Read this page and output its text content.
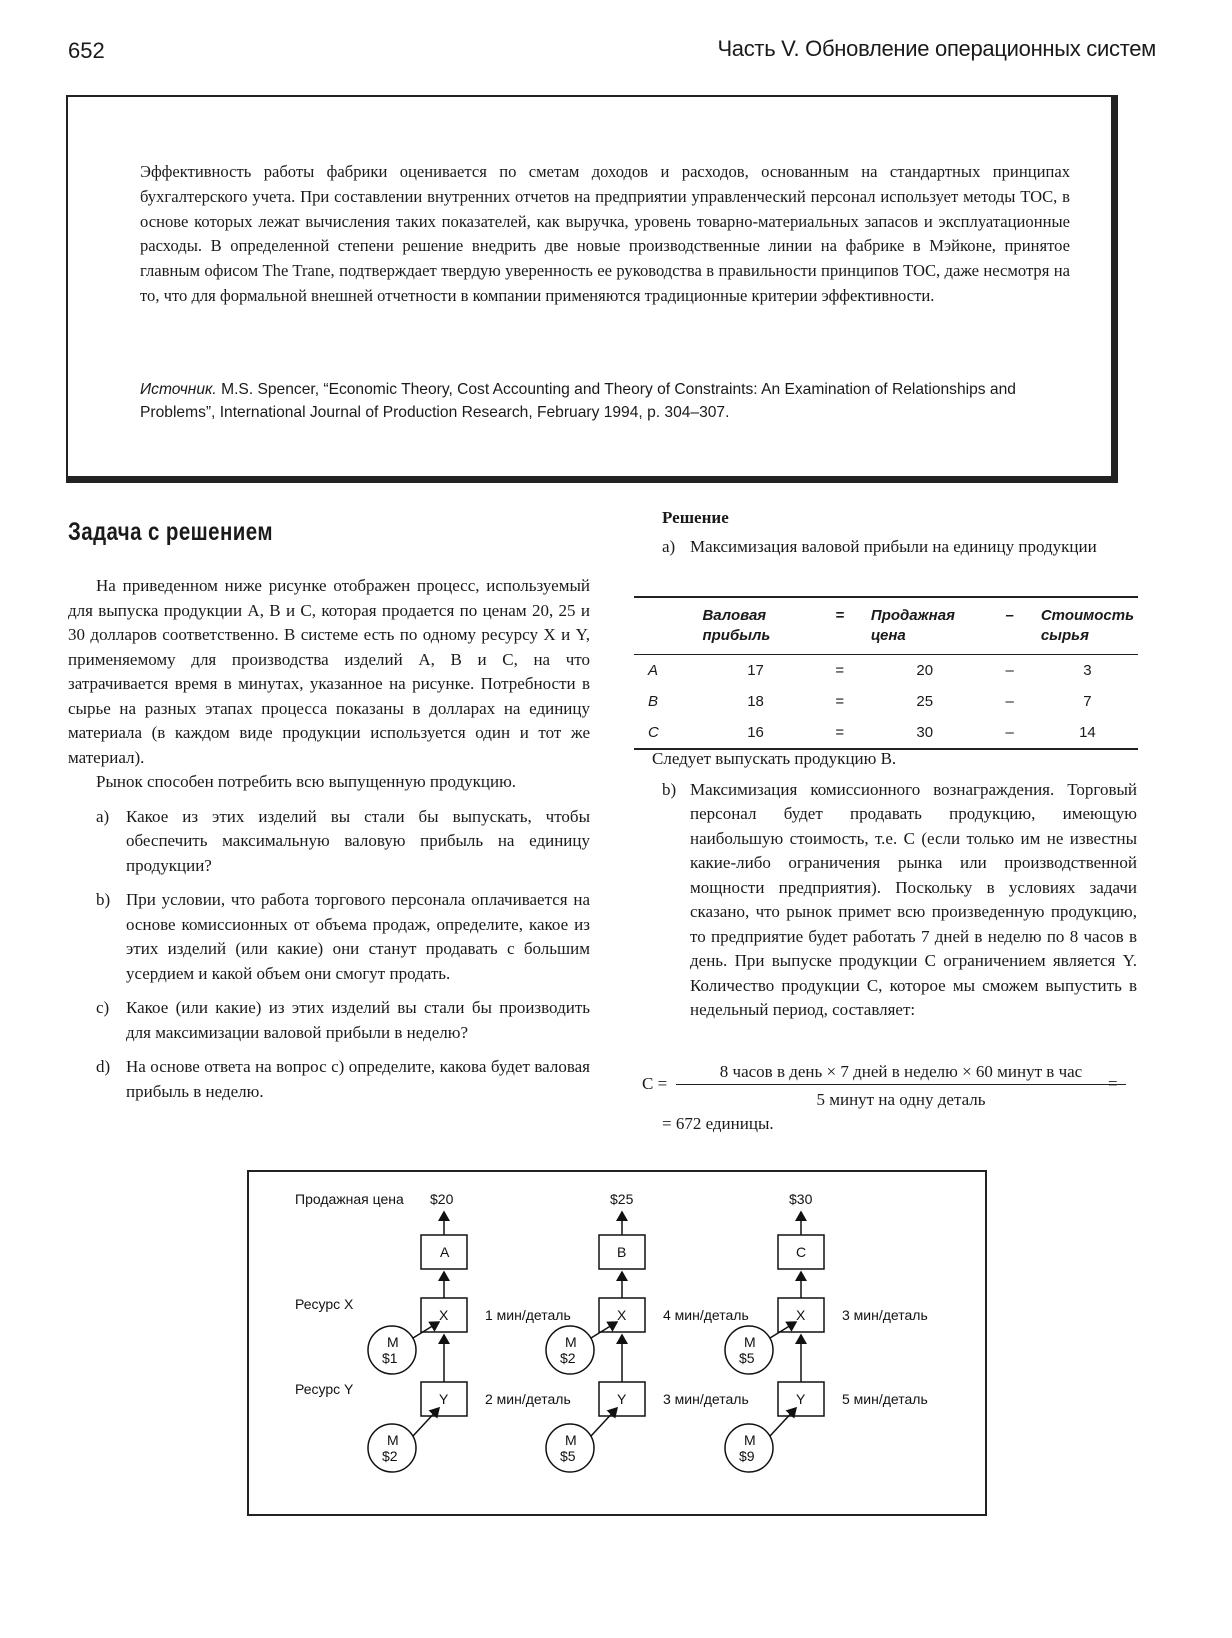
652	Часть V. Обновление операционных систем
Эффективность работы фабрики оценивается по сметам доходов и расходов, основанным на стандартных принципах бухгалтерского учета. При составлении внутренних отчетов на предприятии управленческий персонал использует методы TOC, в основе которых лежат вычисления таких показателей, как выручка, уровень товарно-материальных запасов и эксплуатационные расходы. В определенной степени решение внедрить две новые производственные линии на фабрике в Мэйконе, принятое главным офисом The Trane, подтверждает твердую уверенность ее руководства в правильности принципов TOC, даже несмотря на то, что для формальной внешней отчетности в компании применяются традиционные критерии эффективности.
Источник. M.S. Spencer, “Economic Theory, Cost Accounting and Theory of Constraints: An Examination of Relationships and Problems”, International Journal of Production Research, February 1994, p. 304–307.
Задача с решением

На приведенном ниже рисунке отображен процесс, используемый для выпуска продукции A, B и C, которая продается по ценам 20, 25 и 30 долларов соответственно. В системе есть по одному ресурсу X и Y, применяемому для производства изделий A, B и C, на что затрачивается время в минутах, указанное на рисунке. Потребности в сырье на разных этапах процесса показаны в долларах на единицу материала (в каждом виде продукции используется один и тот же материал).

Рынок способен потребить всю выпущенную продукцию.

a) Какое из этих изделий вы стали бы выпускать, чтобы обеспечить максимальную валовую прибыль на единицу продукции?
b) При условии, что работа торгового персонала оплачивается на основе комиссионных от объема продаж, определите, какое из этих изделий (или какие) они станут продавать с большим усердием и какой объем они смогут продать.
c) Какое (или какие) из этих изделий вы стали бы производить для максимизации валовой прибыли в неделю?
d) На основе ответа на вопрос c) определите, какова будет валовая прибыль в неделю.
Решение
a) Максимизация валовой прибыли на единицу продукции
Следует выпускать продукцию B.
b) Максимизация комиссионного вознаграждения. Торговый персонал будет продавать продукцию, имеющую наибольшую стоимость, т.е. C (если только им не известны какие-либо ограничения рынка или производственной мощности предприятия). Поскольку в условиях задачи сказано, что рынок примет всю произведенную продукцию, то предприятие будет работать 7 дней в неделю по 8 часов в день. При выпуске продукции C ограничением является Y. Количество продукции C, которое мы сможем выпустить в недельный период, составляет:
	Валовая прибыль	=	Продажная цена	–	Стоимость сырья
A	17	=	20	–	3
B	18	=	25	–	7
C	16	=	30	–	14
C =
8 часов в день × 7 дней в неделю × 60 минут в час
5 минут на одну деталь
=
= 672 единицы.
Продажная цена
Ресурс X
Ресурс Y
$20
A
X	1 мин/деталь
Y	2 мин/деталь
M
$1
M
$2
$25
B
X	4 мин/деталь
Y	3 мин/деталь
M
$2
M
$5
$30
C
X	3 мин/деталь
Y	5 мин/деталь
M
$5
M
$9
